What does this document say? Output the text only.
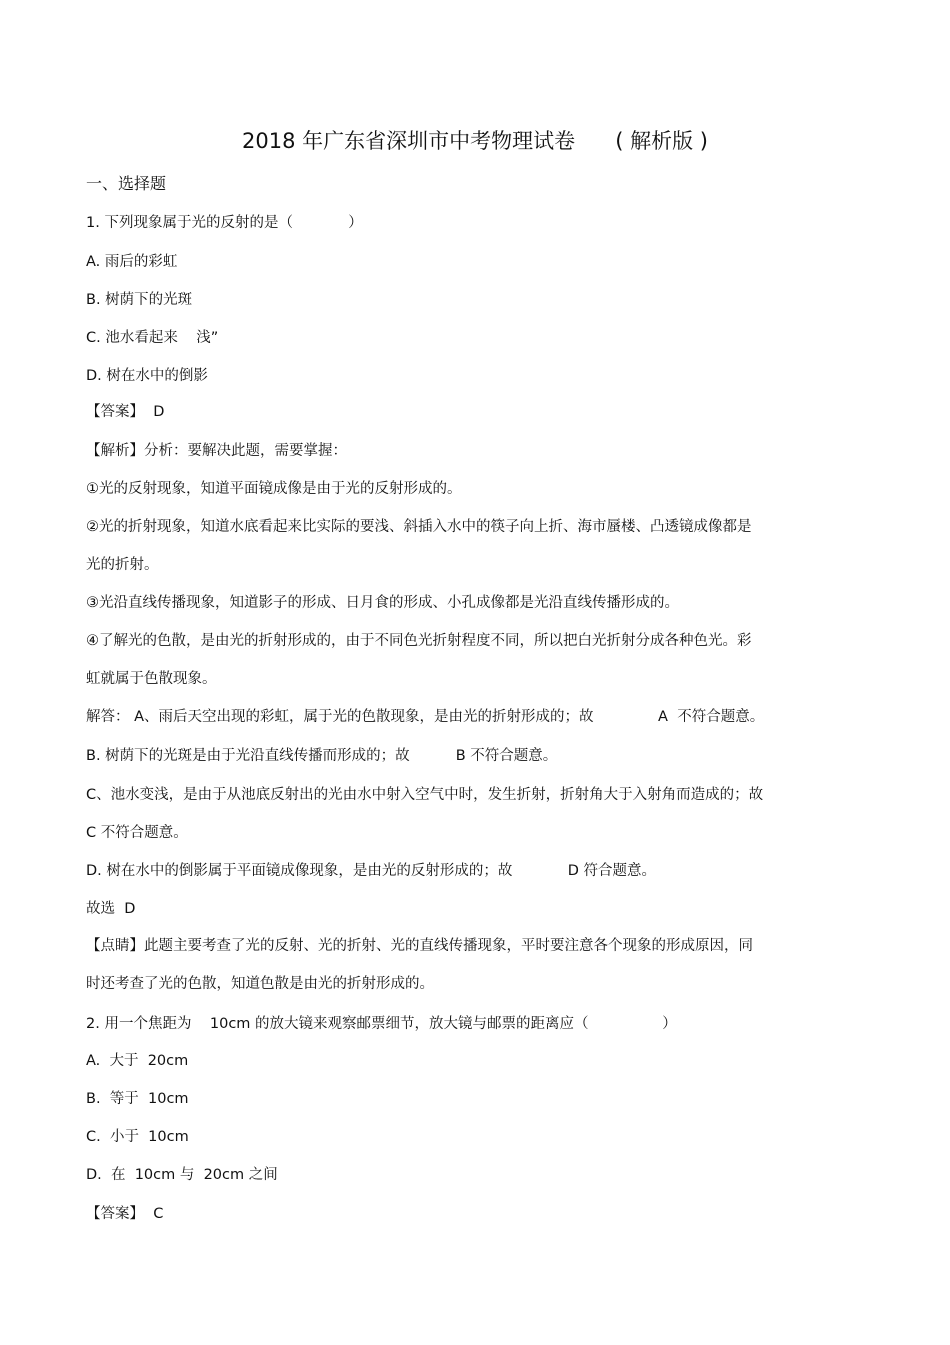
2018 年广东省深圳市中考物理试卷      ( 解析版 )
一、选择题
1. 下列现象属于光的反射的是（            ）
A. 雨后的彩虹
B. 树荫下的光斑
C. 池水看起来    浅”
D. 树在水中的倒影
【答案】  D
【解析】分析：要解决此题，需要掌握：
①光的反射现象，知道平面镜成像是由于光的反射形成的。
②光的折射现象，知道水底看起来比实际的要浅、斜插入水中的筷子向上折、海市蜃楼、凸透镜成像都是
光的折射。
③光沿直线传播现象，知道影子的形成、日月食的形成、小孔成像都是光沿直线传播形成的。
④了解光的色散，是由光的折射形成的，由于不同色光折射程度不同，所以把白光折射分成各种色光。彩
虹就属于色散现象。
解答： A、雨后天空出现的彩虹，属于光的色散现象，是由光的折射形成的；故              A  不符合题意。
B. 树荫下的光斑是由于光沿直线传播而形成的；故          B 不符合题意。
C、池水变浅，是由于从池底反射出的光由水中射入空气中时，发生折射，折射角大于入射角而造成的；故
C 不符合题意。
D. 树在水中的倒影属于平面镜成像现象，是由光的反射形成的；故            D 符合题意。
故选  D
【点睛】此题主要考查了光的反射、光的折射、光的直线传播现象，平时要注意各个现象的形成原因，同
时还考查了光的色散，知道色散是由光的折射形成的。
2. 用一个焦距为    10cm 的放大镜来观察邮票细节，放大镜与邮票的距离应（                ）
A.  大于  20cm
B.  等于  10cm
C.  小于  10cm
D.  在  10cm 与  20cm 之间
【答案】  C
